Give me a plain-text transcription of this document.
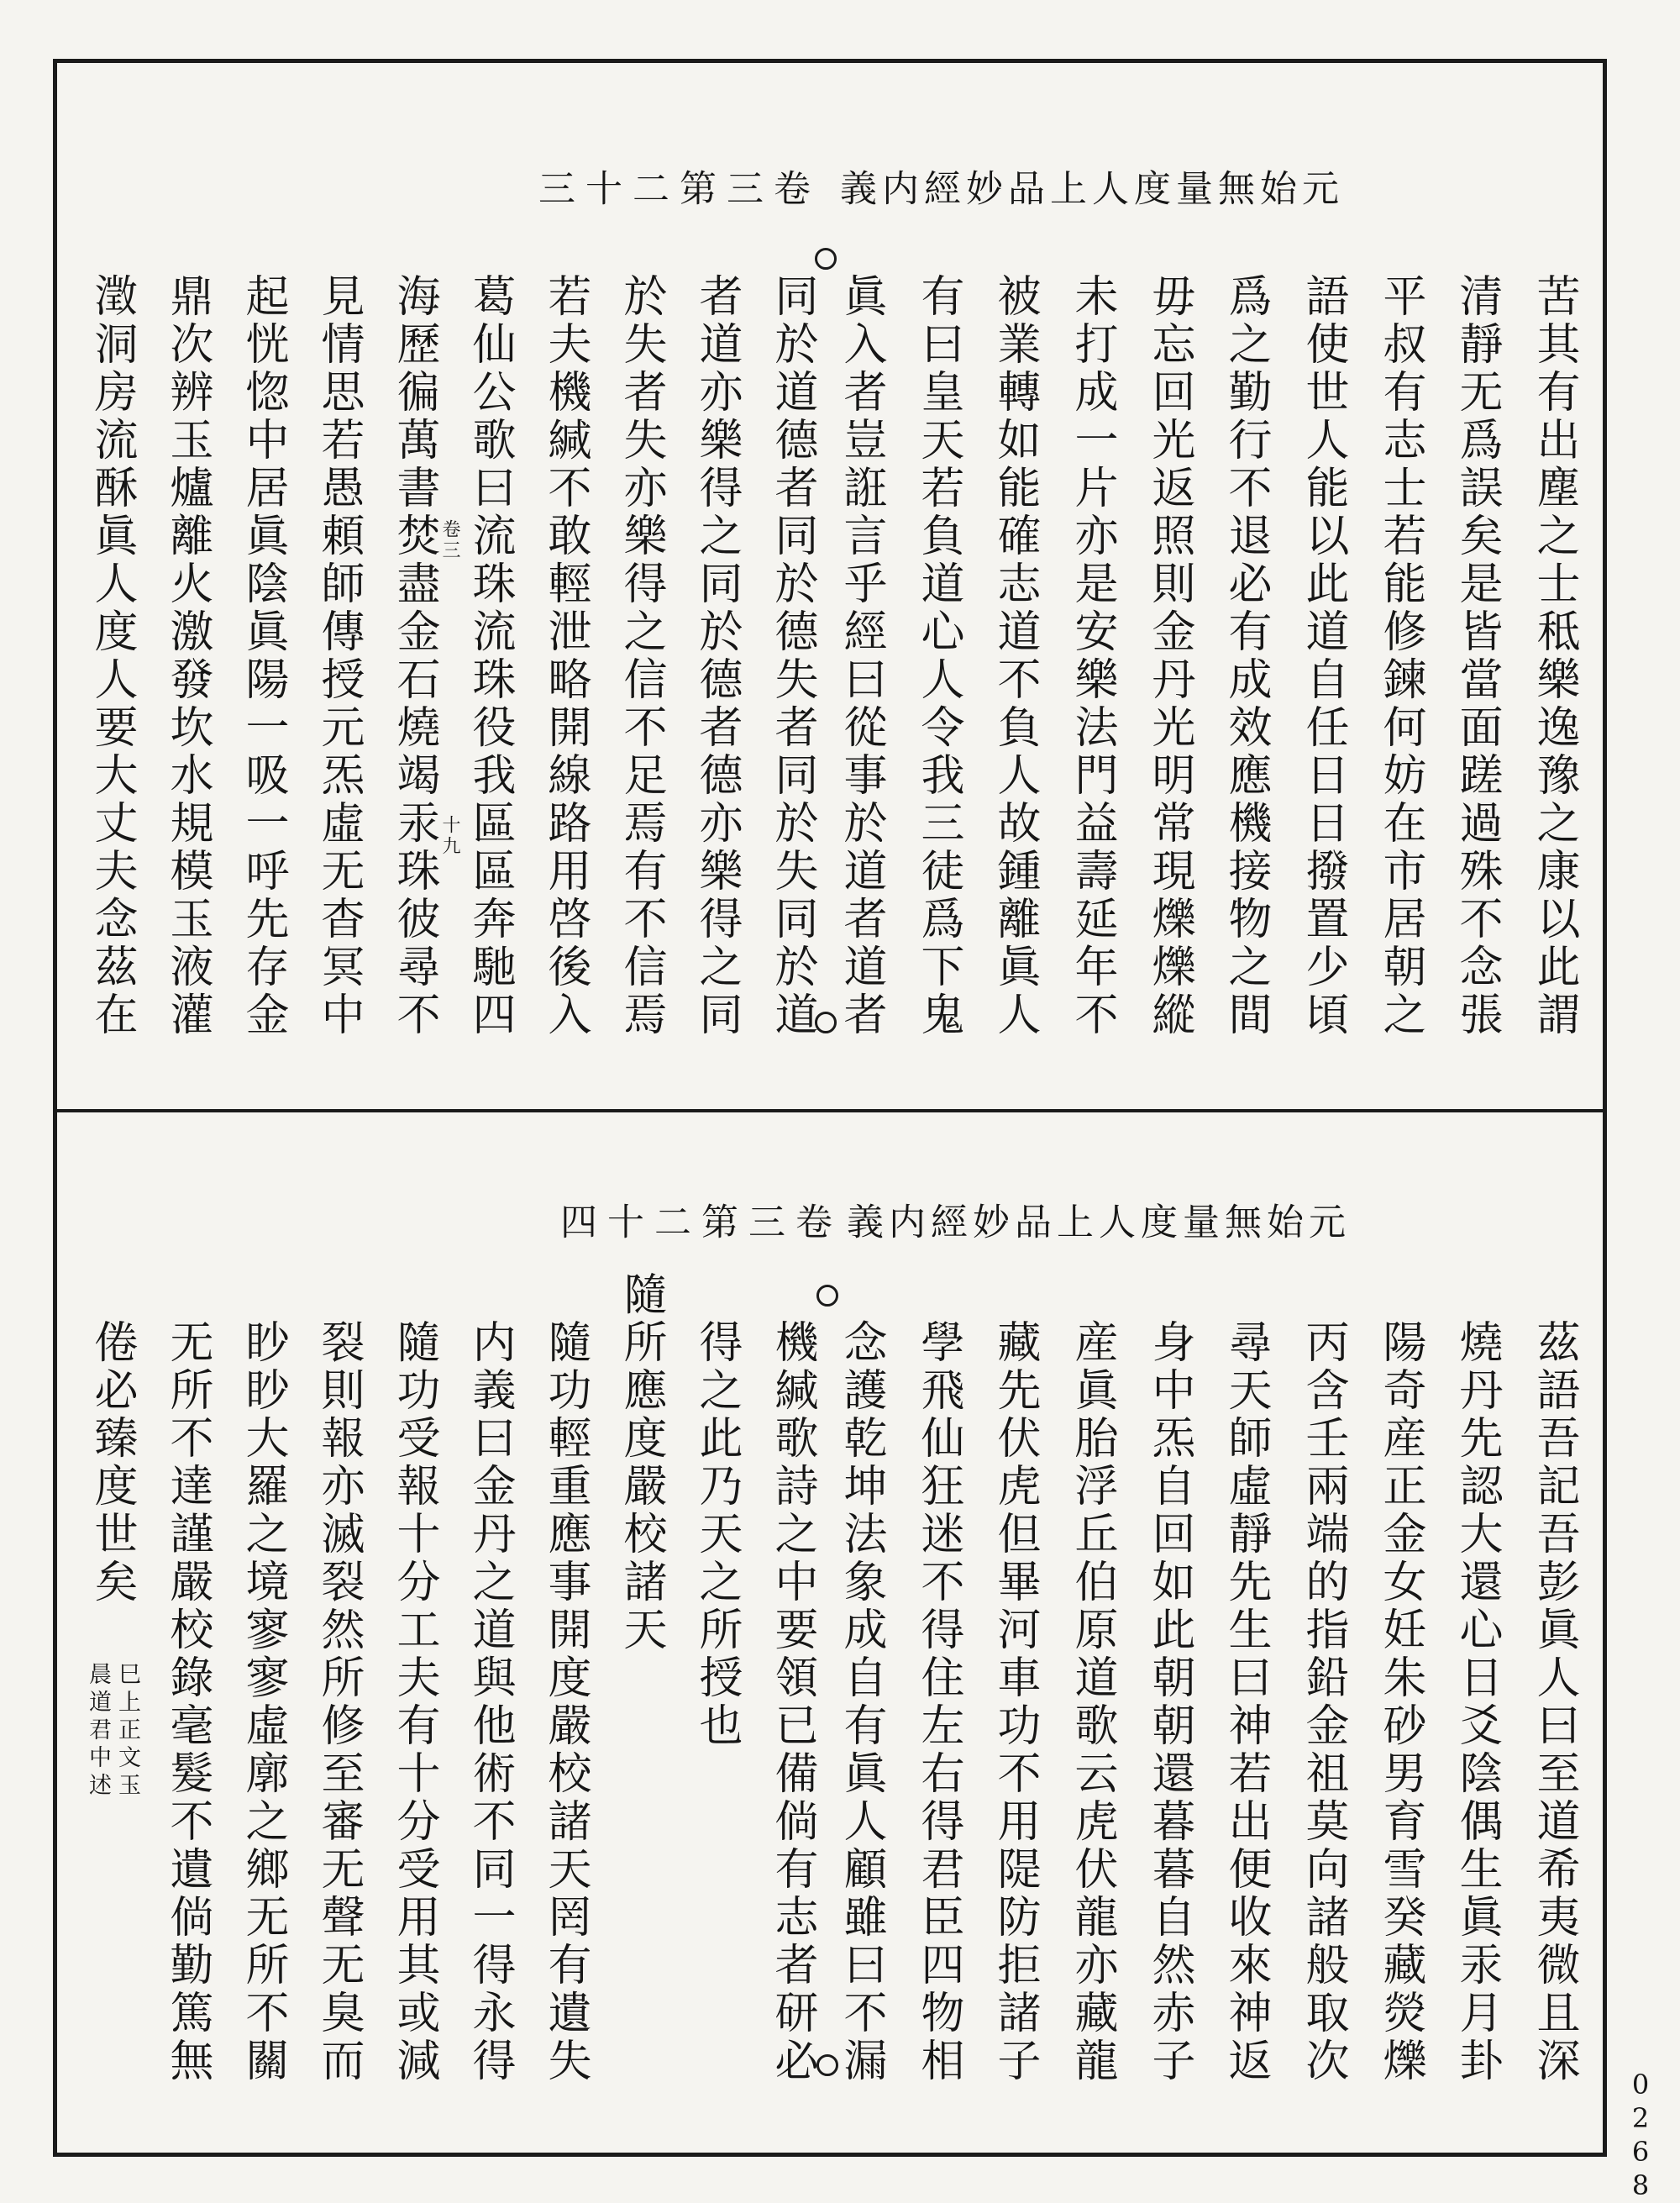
元始無量度人上品妙經内義
卷三第二十三
苦其有出塵之士秪樂逸豫之康以此謂
清靜无爲誤矣是皆當面蹉過殊不念張
平叔有志士若能修鍊何妨在市居朝之
語使世人能以此道自任日日撥置少頃
爲之勤行不退必有成效應機接物之間
毋忘回光返照則金丹光明常現爍爍縱
未打成一片亦是安樂法門益壽延年不
被業轉如能確志道不負人故鍾離眞人
有曰皇天若負道心人令我三徒爲下鬼
眞入者豈誑言乎經曰從事於道者道者
同於道德者同於德失者同於失同於道
者道亦樂得之同於德者德亦樂得之同
於失者失亦樂得之信不足焉有不信焉
若夫機緘不敢輕泄略開線路用啓後入
葛仙公歌曰流珠流珠役我區區奔馳四
卷三
十九
海歷徧萬書焚盡金石燒竭汞珠彼尋不
見情思若愚頼師傳授元炁虛无杳冥中
起恍惚中居眞陰眞陽一吸一呼先存金
鼎次辨玉爐離火激發坎水規模玉液灌
澂洞房流酥眞人度人要大丈夫念茲在
元始無量度人上品妙經内義
卷三第二十四
茲語吾記吾彭眞人曰至道希夷微且深
燒丹先認大還心日爻陰偶生眞汞月卦
陽奇産正金女妊朱砂男育雪癸藏熒爍
丙含壬兩端的指鉛金祖莫向諸般取次
尋天師虛靜先生曰神若出便收來神返
身中炁自回如此朝朝還暮暮自然赤子
産眞胎浮丘伯原道歌云虎伏龍亦藏龍
藏先伏虎但畢河車功不用隄防拒諸子
學飛仙狂迷不得住左右得君臣四物相
念護乾坤法象成自有眞人顧雖曰不漏
機緘歌詩之中要領已備倘有志者研必
得之此乃天之所授也
隨所應度嚴校諸天
隨功輕重應事開度嚴校諸天罔有遺失
内義曰金丹之道與他術不同一得永得
隨功受報十分工夫有十分受用其或減
裂則報亦滅裂然所修至審无聲无臭而
眇眇大羅之境寥寥虛廓之鄉无所不關
无所不達謹嚴校錄毫髮不遺倘勤篤無
倦必臻度世矣
巳上正文玉
晨道君中述
0268
